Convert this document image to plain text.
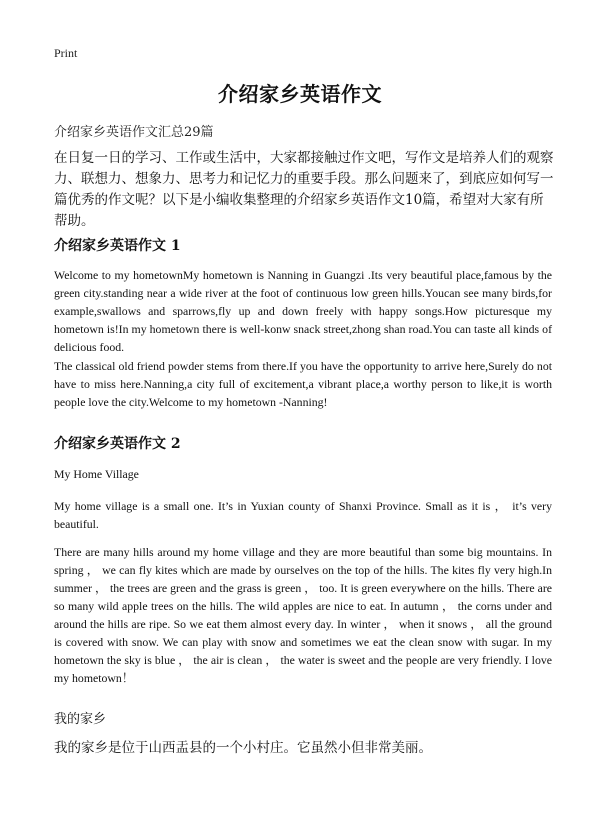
Print
介绍家乡英语作文
介绍家乡英语作文汇总29篇
在日复一日的学习、工作或生活中，大家都接触过作文吧，写作文是培养人们的观察力、联想力、想象力、思考力和记忆力的重要手段。那么问题来了，到底应如何写一篇优秀的作文呢？以下是小编收集整理的介绍家乡英语作文10篇，希望对大家有所帮助。
介绍家乡英语作文 1
Welcome to my hometownMy hometown is Nanning in Guangzi .Its very beautiful place,famous by the green city.standing near a wide river at the foot of continuous low green hills.Youcan see many birds,for example,swallows and sparrows,fly up and down freely with happy songs.How picturesque my hometown is!In my hometown there is well-konw snack street,zhong shan road.You can taste all kinds of delicious food.
The classical old friend powder stems from there.If you have the opportunity to arrive here,Surely do not have to miss here.Nanning,a city full of excitement,a vibrant place,a worthy person to like,it is worth people love the city.Welcome to my hometown -Nanning!
介绍家乡英语作文 2
My Home Village
My home village is a small one. It’s in Yuxian county of Shanxi Province. Small as it is ， it’s very beautiful.
There are many hills around my home village and they are more beautiful than some big mountains. In spring ， we can fly kites which are made by ourselves on the top of the hills. The kites fly very high.In summer ， the trees are green and the grass is green ， too. It is green everywhere on the hills. There are so many wild apple trees on the hills. The wild apples are nice to eat. In autumn ， the corns under and around the hills are ripe. So we eat them almost every day. In winter ， when it snows ， all the ground is covered with snow. We can play with snow and sometimes we eat the clean snow with sugar. In my hometown the sky is blue ， the air is clean ， the water is sweet and the people are very friendly. I love my hometown！
我的家乡
我的家乡是位于山西盂县的一个小村庄。它虽然小但非常美丽。
